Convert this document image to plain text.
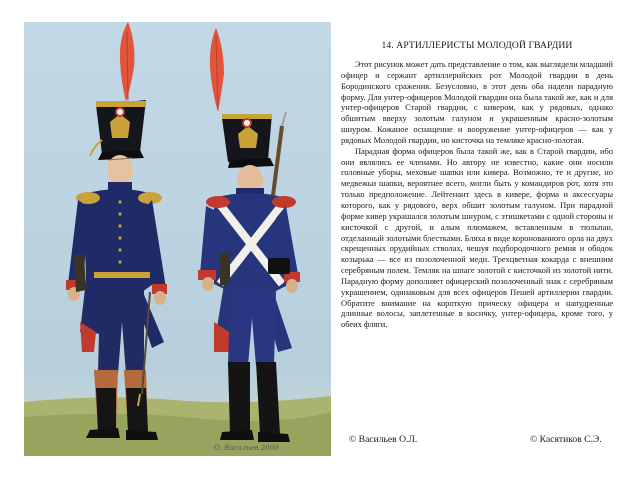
О. Васильев 2000

14. АРТИЛЛЕРИСТЫ МОЛОДОЙ ГВАРДИИ

Этот рисунок может дать представление о том, как выглядели младший офицер и сержант артиллерийских рот Молодой гвардии в день Бородинского сражения. Безусловно, в этот день оба надели парадную форму. Для унтер-офицеров Молодой гвардии она была такой же, как и для унтер-офицеров Старой гвардии, с кивером, как у рядовых, однако обшитым вверху золотым галуном и украшенным красно-золотым шнуром. Кожаное оснащение и вооружение унтер-офицеров — как у рядовых Молодой гвардии, но кисточка на темляке красно-золотая.

Парадная форма офицеров была такой же, как в Старой гвардии, ибо они являлись ее членами. Но автору не известно, какие они носили головные уборы, меховые шапки или кивера. Возможно, те и другие, но медвежьи шапки, вероятнее всего, могли быть у командиров рот, хотя это только предположение. Лейтенант здесь в кивере, форма и аксессуары которого, как у рядового, верх обшит золотым галуном. При парадной форме кивер украшался золотым шнуром, с этишкетами с одной стороны и кисточкой с другой, и алым плюмажем, вставленным в тюльпан, отделанный золотыми блестками. Бляха в виде коронованного орла на двух скрещенных орудийных стволах, чешуя подбородочного ремня и ободок козырька — все из позолоченной меди. Трехцветная кокарда с внешним серебряным полем. Темляк на шпаге золотой с кисточкой из золотой нити. Парадную форму дополняет офицерский позолоченный знак с серебряным украшением, одинаковым для всех офицеров Пешей артиллерии гвардии. Обратите внимание на короткую прическу офицера и напудренные длинные волосы, заплетенные в косичку, унтер-офицера, кроме того, у обеих фляги.

© Васильев О.Л.	© Касятиков С.Э.
